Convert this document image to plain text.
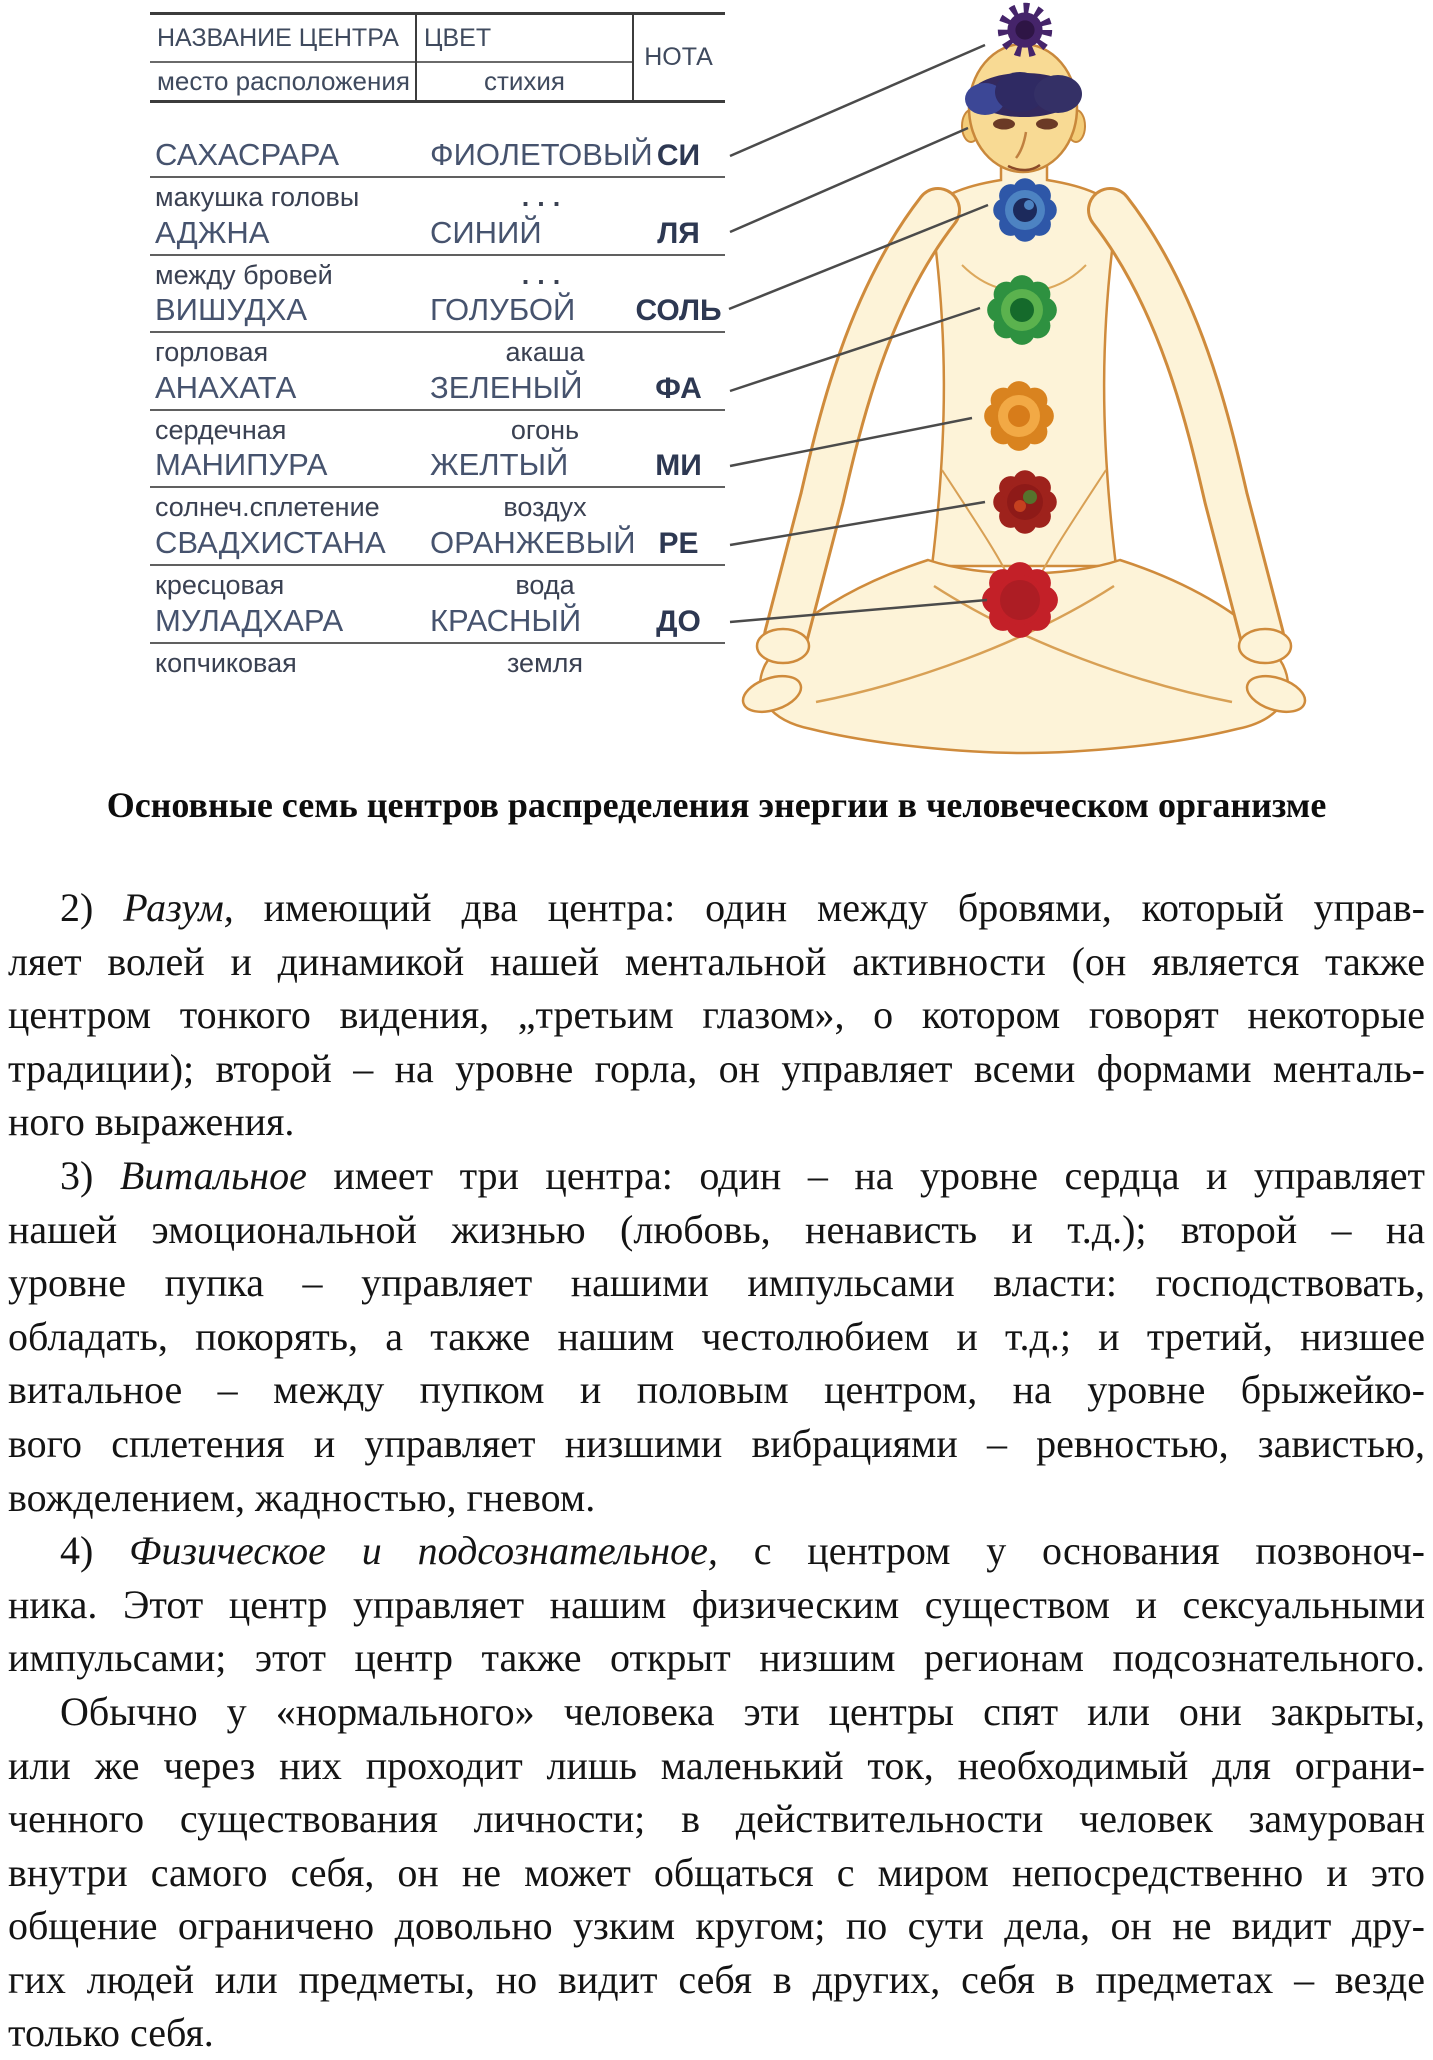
НАЗВАНИЕ ЦЕНТРА
место расположения
ЦВЕТ
стихия
НОТА
САХАСРАРА	ФИОЛЕТОВЫЙ СИ
макушка головы	...
АДЖНА	СИНИЙ	ЛЯ
между бровей	...
ВИШУДХА	ГОЛУБОЙ СОЛЬ
горловая	акаша
АНАХАТА	ЗЕЛЕНЫЙ	ФА
сердечная	огонь
МАНИПУРА	ЖЕЛТЫЙ	МИ
солнеч.сплетение	воздух
СВАДХИСТАНА ОРАНЖЕВЫЙ РЕ
кресцовая	вода
МУЛАДХАРА	КРАСНЫЙ	ДО
копчиковая	земля
Основные семь центров распределения энергии в человеческом организме
2) Разум, имеющий два центра: один между бровями, который управ-
ляет волей и динамикой нашей ментальной активности (он является также
центром тонкого видения, „третьим глазом», о котором говорят некоторые
традиции); второй – на уровне горла, он управляет всеми формами менталь-
ного выражения.
3) Витальное имеет три центра: один – на уровне сердца и управляет
нашей эмоциональной жизнью (любовь, ненависть и т.д.); второй – на
уровне пупка – управляет нашими импульсами власти: господствовать,
обладать, покорять, а также нашим честолюбием и т.д.; и третий, низшее
витальное – между пупком и половым центром, на уровне брыжейко-
вого сплетения и управляет низшими вибрациями – ревностью, завистью,
вожделением, жадностью, гневом.
4) Физическое и подсознательное, с центром у основания позвоноч-
ника. Этот центр управляет нашим физическим существом и сексуальными
импульсами; этот центр также открыт низшим регионам подсознательного.
Обычно у «нормального» человека эти центры спят или они закрыты,
или же через них проходит лишь маленький ток, необходимый для ограни-
ченного существования личности; в действительности человек замурован
внутри самого себя, он не может общаться с миром непосредственно и это
общение ограничено довольно узким кругом; по сути дела, он не видит дру-
гих людей или предметы, но видит себя в других, себя в предметах – везде
только себя.
